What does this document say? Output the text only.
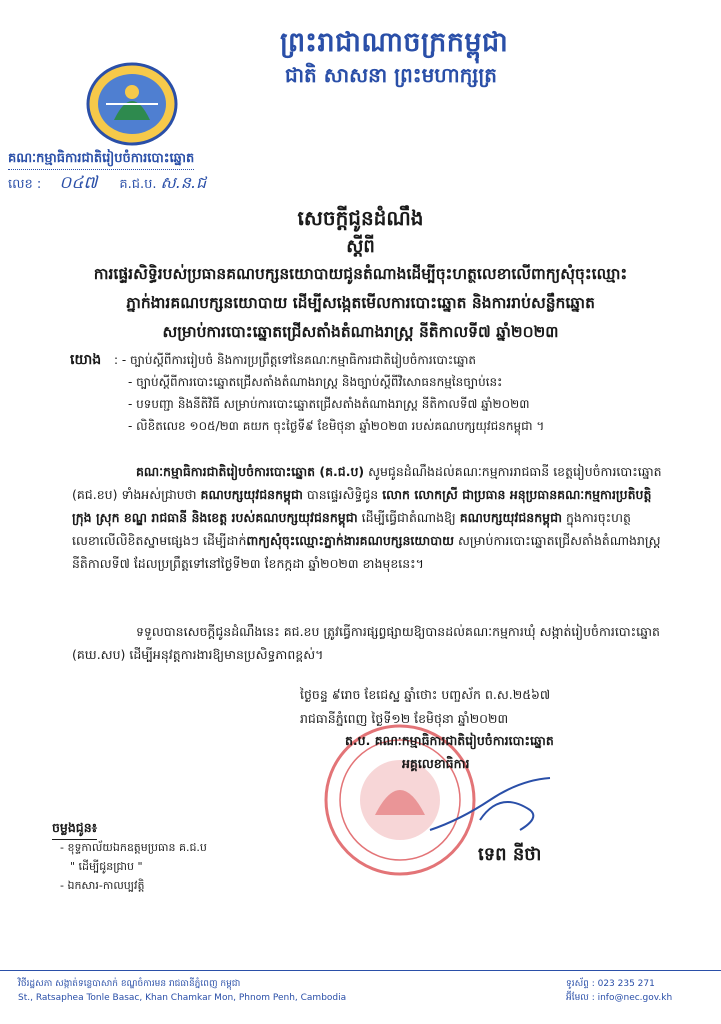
ព្រះរាជាណាចក្រកម្ពុជា
ជាតិ សាសនា ព្រះមហាក្សត្រ
គណៈកម្មាធិការជាតិរៀបចំការបោះឆ្នោត
លេខ : ០៤៧ គ.ជ.ប. ស.ន.ជ
សេចក្តីជូនដំណឹង
ស្តីពី
ការផ្ទេរសិទ្ធិរបស់ប្រធានគណបក្សនយោបាយជូនតំណាងដើម្បីចុះហត្ថលេខាលើពាក្យសុំចុះឈ្មោះ
ភ្នាក់ងារគណបក្សនយោបាយ ដើម្បីសង្កេតមើលការបោះឆ្នោត និងការរាប់សន្លឹកឆ្នោត
សម្រាប់ការបោះឆ្នោតជ្រើសតាំងតំណាងរាស្ត្រ នីតិកាលទី៧ ឆ្នាំ២០២៣
យោង
: - ច្បាប់ស្តីពីការរៀបចំ និងការប្រព្រឹត្តទៅនៃគណៈកម្មាធិការជាតិរៀបចំការបោះឆ្នោត
- ច្បាប់ស្តីពីការបោះឆ្នោតជ្រើសតាំងតំណាងរាស្ត្រ និងច្បាប់ស្តីពីវិសោធនកម្មនៃច្បាប់នេះ
- បទបញ្ជា និងនីតិវិធី សម្រាប់ការបោះឆ្នោតជ្រើសតាំងតំណាងរាស្ត្រ នីតិកាលទី៧ ឆ្នាំ២០២៣
- លិខិតលេខ ១០៥/២៣ គយក ចុះថ្ងៃទី៩ ខែមិថុនា ឆ្នាំ២០២៣ របស់គណបក្សយុវជនកម្ពុជា ។
គណៈកម្មាធិការជាតិរៀបចំការបោះឆ្នោត (គ.ជ.ប) សូមជូនដំណឹងដល់គណៈកម្មការរាជធានី ខេត្តរៀបចំការបោះឆ្នោត (គជ.ខប) ទាំងអស់ជ្រាបថា គណបក្សយុវជនកម្ពុជា បានផ្ទេរសិទ្ធិជូន លោក លោកស្រី ជាប្រធាន អនុប្រធានគណៈកម្មការប្រតិបត្តិ ក្រុង ស្រុក ខណ្ឌ រាជធានី និងខេត្ត របស់គណបក្សយុវជនកម្ពុជា ដើម្បីធ្វើជាតំណាងឱ្យ គណបក្សយុវជនកម្ពុជា ក្នុងការចុះហត្ថលេខាលើលិខិតស្នាមផ្សេងៗ ដើម្បីដាក់ពាក្យសុំចុះឈ្មោះភ្នាក់ងារគណបក្សនយោបាយ សម្រាប់ការបោះឆ្នោតជ្រើសតាំងតំណាងរាស្ត្រ នីតិកាលទី៧ ដែលប្រព្រឹត្តទៅនៅថ្ងៃទី២៣ ខែកក្កដា ឆ្នាំ២០២៣ ខាងមុខនេះ។
ទទួលបានសេចក្តីជូនដំណឹងនេះ គជ.ខប ត្រូវធ្វើការផ្សព្វផ្សាយឱ្យបានដល់គណៈកម្មការឃុំ សង្កាត់រៀបចំការបោះឆ្នោត (គឃ.សប) ដើម្បីអនុវត្តការងារឱ្យមានប្រសិទ្ធភាពខ្ពស់។
ថ្ងៃចន្ទ ៩រោច ខែជេស្ឋ ឆ្នាំថោះ បញ្ចស័ក ព.ស.២៥៦៧
រាជធានីភ្នំពេញ ថ្ងៃទី១២ ខែមិថុនា ឆ្នាំ២០២៣
ត.ប. គណៈកម្មាធិការជាតិរៀបចំការបោះឆ្នោត
អគ្គលេខាធិការ
ទេព នីថា
ចម្លងជូន៖
- ខុទ្ទកាល័យឯកឧត្តមប្រធាន គ.ជ.ប
" ដើម្បីជូនជ្រាប "
- ឯកសារ-កាលប្បវត្តិ
វិថីរដ្ឋសភា សង្កាត់ទន្លេបាសាក់ ខណ្ឌចំការមន រាជធានីភ្នំពេញ កម្ពុជា
St., Ratsaphea Tonle Basac, Khan Chamkar Mon, Phnom Penh, Cambodia
ទូរស័ព្ទ : 023 235 271
អ៊ីមែល : info@nec.gov.kh
